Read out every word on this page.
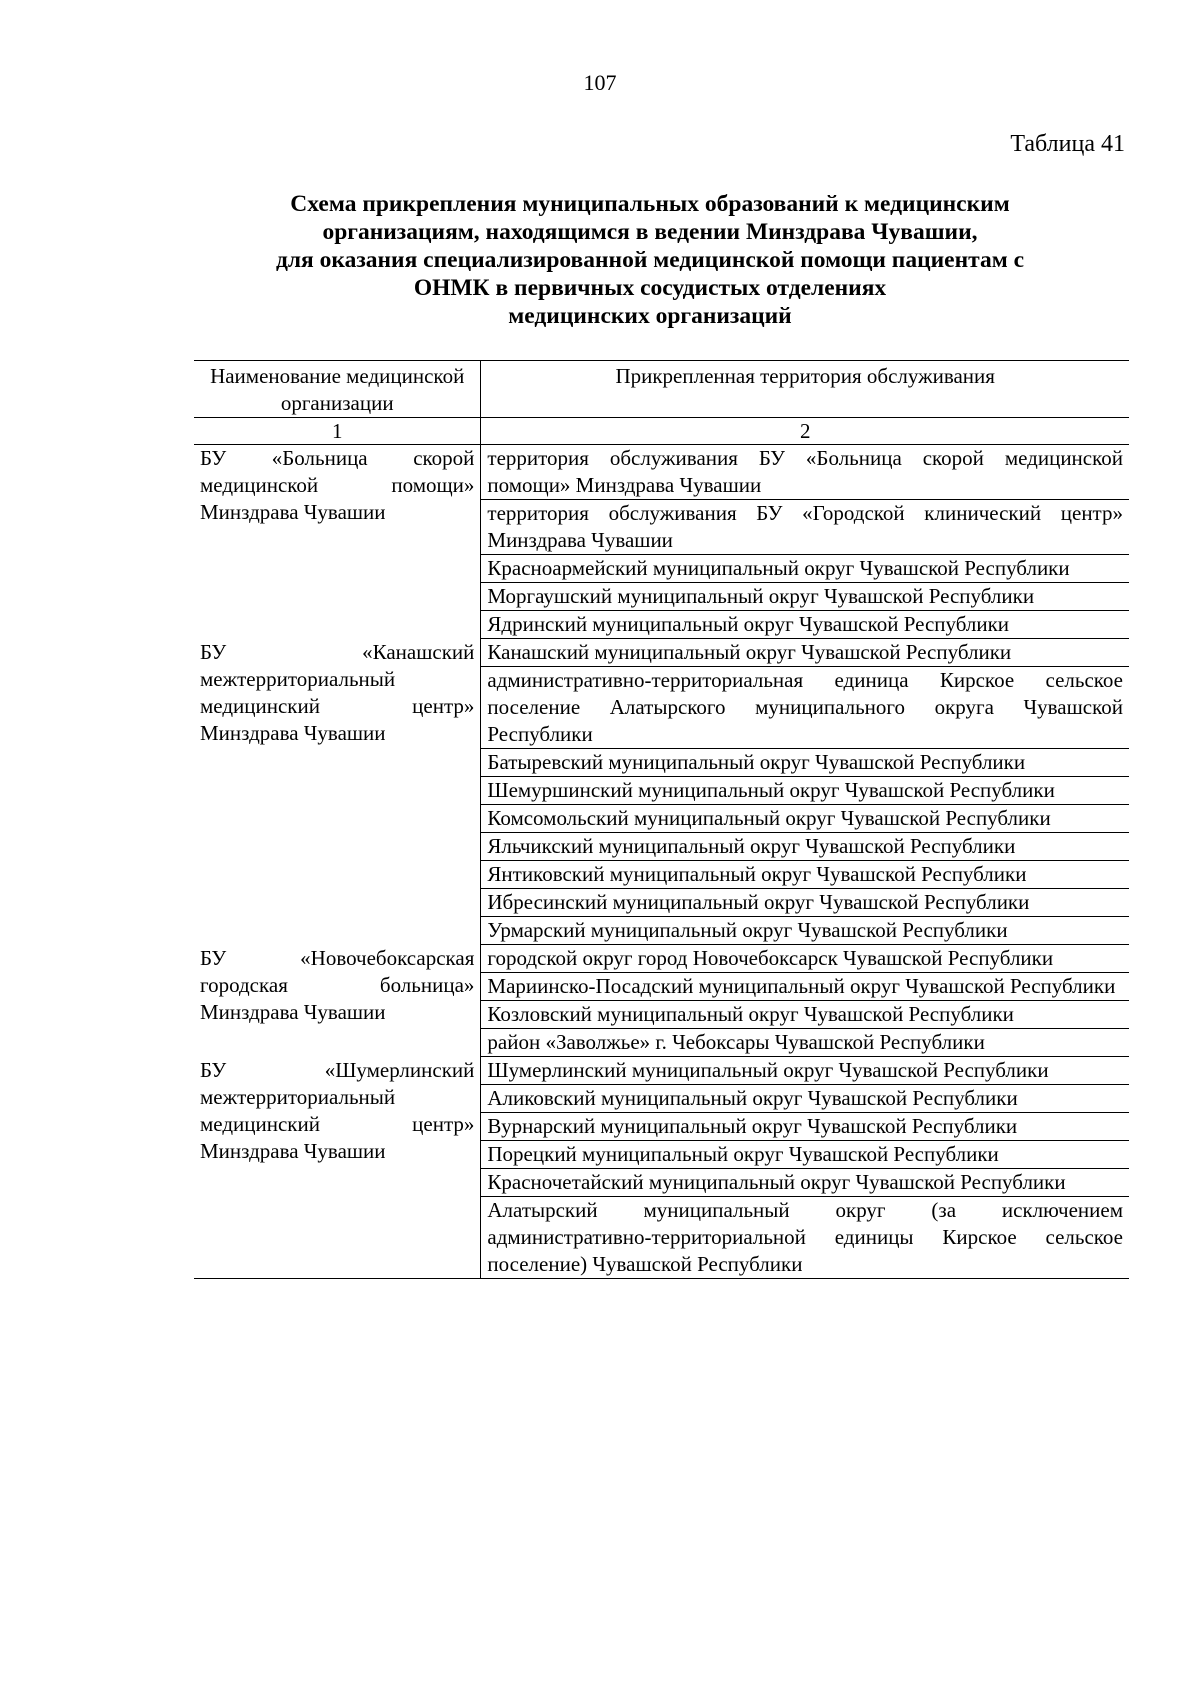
107
Таблица 41
Схема прикрепления муниципальных образований к медицинским
организациям, находящимся в ведении Минздрава Чувашии,
для оказания специализированной медицинской помощи пациентам с
ОНМК в первичных сосудистых отделениях
медицинских организаций
Наименование медицинской организации	Прикрепленная территория обслуживания
1	2
БУ «Больница скорой медицинской помощи» Минздрава Чувашии	территория обслуживания БУ «Больница скорой медицинской помощи» Минздрава Чувашии
	территория обслуживания БУ «Городской клинический центр» Минздрава Чувашии
	Красноармейский муниципальный округ Чувашской Республики
	Моргаушский муниципальный округ Чувашской Республики
	Ядринский муниципальный округ Чувашской Республики
БУ «Канашский межтерриториальный медицинский центр» Минздрава Чувашии	Канашский муниципальный округ Чувашской Республики
	административно-территориальная единица Кирское сельское поселение Алатырского муниципального округа Чувашской Республики
	Батыревский муниципальный округ Чувашской Республики
	Шемуршинский муниципальный округ Чувашской Республики
	Комсомольский муниципальный округ Чувашской Республики
	Яльчикский муниципальный округ Чувашской Республики
	Янтиковский муниципальный округ Чувашской Республики
	Ибресинский муниципальный округ Чувашской Республики
	Урмарский муниципальный округ Чувашской Республики
БУ «Новочебоксарская городская больница» Минздрава Чувашии	городской округ город Новочебоксарск Чувашской Республики
	Мариинско-Посадский муниципальный округ Чувашской Республики
	Козловский муниципальный округ Чувашской Республики
	район «Заволжье» г. Чебоксары Чувашской Республики
БУ «Шумерлинский межтерриториальный медицинский центр» Минздрава Чувашии	Шумерлинский муниципальный округ Чувашской Республики
	Аликовский муниципальный округ Чувашской Республики
	Вурнарский муниципальный округ Чувашской Республики
	Порецкий муниципальный округ Чувашской Республики
	Красночетайский муниципальный округ Чувашской Республики
	Алатырский муниципальный округ (за исключением административно-территориальной единицы Кирское сельское поселение) Чувашской Республики
